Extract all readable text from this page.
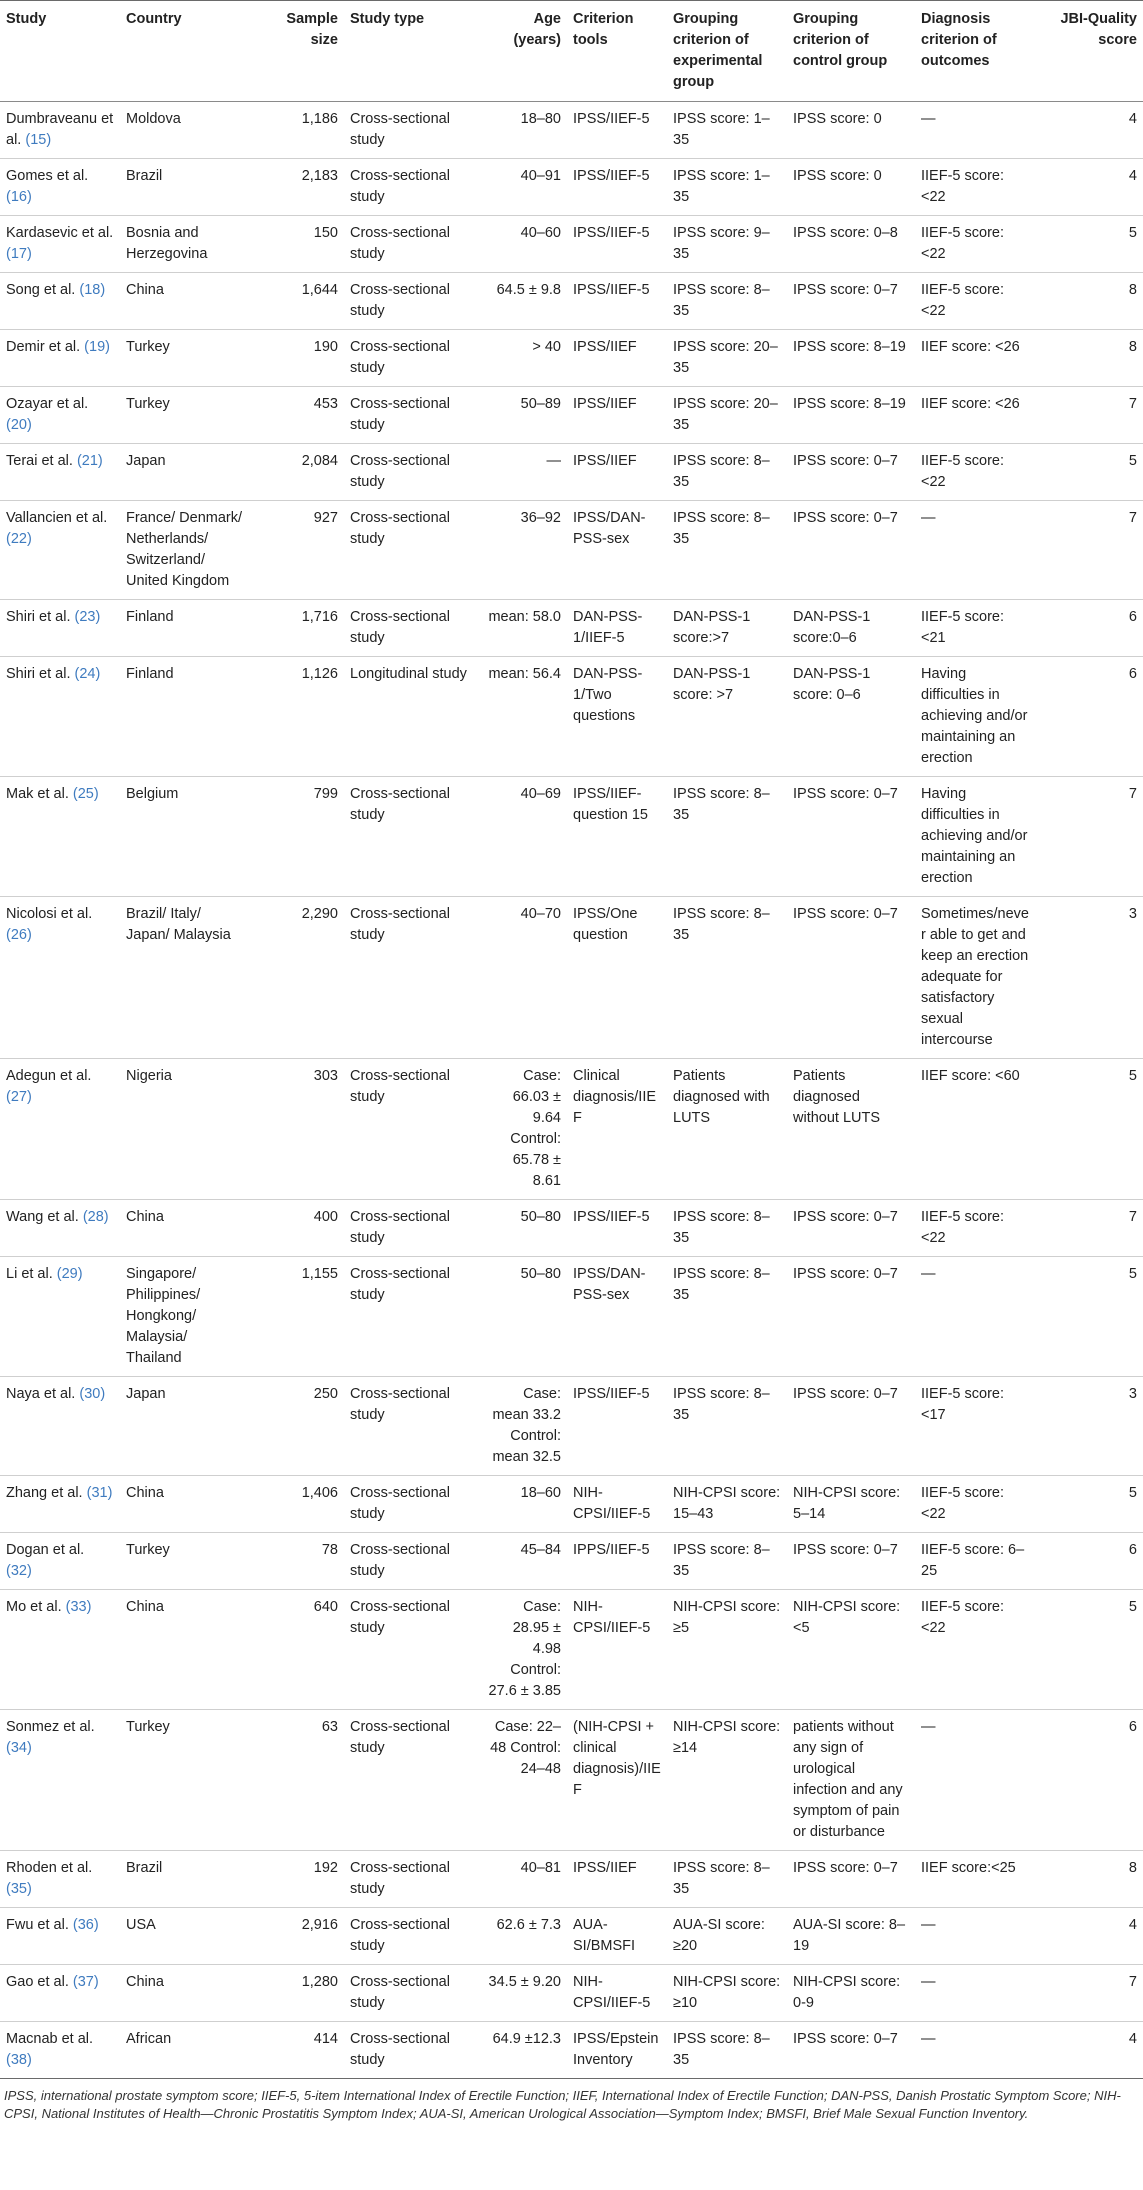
Study	Country	Sample size	Study type	Age (years)	Criterion tools	Grouping criterion of experimental group	Grouping criterion of control group	Diagnosis criterion of outcomes	JBI-Quality score
Dumbraveanu et al. (15)	Moldova	1,186	Cross-sectional study	18–80	IPSS/IIEF-5	IPSS score: 1–35	IPSS score: 0	—	4
Gomes et al. (16)	Brazil	2,183	Cross-sectional study	40–91	IPSS/IIEF-5	IPSS score: 1–35	IPSS score: 0	IIEF-5 score: <22	4
Kardasevic et al. (17)	Bosnia and Herzegovina	150	Cross-sectional study	40–60	IPSS/IIEF-5	IPSS score: 9–35	IPSS score: 0–8	IIEF-5 score: <22	5
Song et al. (18)	China	1,644	Cross-sectional study	64.5 ± 9.8	IPSS/IIEF-5	IPSS score: 8–35	IPSS score: 0–7	IIEF-5 score: <22	8
Demir et al. (19)	Turkey	190	Cross-sectional study	> 40	IPSS/IIEF	IPSS score: 20–35	IPSS score: 8–19	IIEF score: <26	8
Ozayar et al. (20)	Turkey	453	Cross-sectional study	50–89	IPSS/IIEF	IPSS score: 20–35	IPSS score: 8–19	IIEF score: <26	7
Terai et al. (21)	Japan	2,084	Cross-sectional study	—	IPSS/IIEF	IPSS score: 8–35	IPSS score: 0–7	IIEF-5 score: <22	5
Vallancien et al. (22)	France/ Denmark/ Netherlands/ Switzerland/ United Kingdom	927	Cross-sectional study	36–92	IPSS/DAN-PSS-sex	IPSS score: 8–35	IPSS score: 0–7	—	7
Shiri et al. (23)	Finland	1,716	Cross-sectional study	mean: 58.0	DAN-PSS-1/IIEF-5	DAN-PSS-1 score:>7	DAN-PSS-1 score:0–6	IIEF-5 score: <21	6
Shiri et al. (24)	Finland	1,126	Longitudinal study	mean: 56.4	DAN-PSS-1/Two questions	DAN-PSS-1 score: >7	DAN-PSS-1 score: 0–6	Having difficulties in achieving and/or maintaining an erection	6
Mak et al. (25)	Belgium	799	Cross-sectional study	40–69	IPSS/IIEF-question 15	IPSS score: 8–35	IPSS score: 0–7	Having difficulties in achieving and/or maintaining an erection	7
Nicolosi et al. (26)	Brazil/ Italy/ Japan/ Malaysia	2,290	Cross-sectional study	40–70	IPSS/One question	IPSS score: 8–35	IPSS score: 0–7	Sometimes/never able to get and keep an erection adequate for satisfactory sexual intercourse	3
Adegun et al. (27)	Nigeria	303	Cross-sectional study	Case: 66.03 ± 9.64 Control: 65.78 ± 8.61	Clinical diagnosis/IIEF	Patients diagnosed with LUTS	Patients diagnosed without LUTS	IIEF score: <60	5
Wang et al. (28)	China	400	Cross-sectional study	50–80	IPSS/IIEF-5	IPSS score: 8–35	IPSS score: 0–7	IIEF-5 score: <22	7
Li et al. (29)	Singapore/ Philippines/ Hongkong/ Malaysia/ Thailand	1,155	Cross-sectional study	50–80	IPSS/DAN-PSS-sex	IPSS score: 8–35	IPSS score: 0–7	—	5
Naya et al. (30)	Japan	250	Cross-sectional study	Case: mean 33.2 Control: mean 32.5	IPSS/IIEF-5	IPSS score: 8–35	IPSS score: 0–7	IIEF-5 score: <17	3
Zhang et al. (31)	China	1,406	Cross-sectional study	18–60	NIH-CPSI/IIEF-5	NIH-CPSI score: 15–43	NIH-CPSI score: 5–14	IIEF-5 score: <22	5
Dogan et al. (32)	Turkey	78	Cross-sectional study	45–84	IPPS/IIEF-5	IPSS score: 8–35	IPSS score: 0–7	IIEF-5 score: 6–25	6
Mo et al. (33)	China	640	Cross-sectional study	Case: 28.95 ± 4.98 Control: 27.6 ± 3.85	NIH-CPSI/IIEF-5	NIH-CPSI score: ≥5	NIH-CPSI score: <5	IIEF-5 score: <22	5
Sonmez et al. (34)	Turkey	63	Cross-sectional study	Case: 22–48 Control: 24–48	(NIH-CPSI + clinical diagnosis)/IIEF	NIH-CPSI score: ≥14	patients without any sign of urological infection and any symptom of pain or disturbance	—	6
Rhoden et al. (35)	Brazil	192	Cross-sectional study	40–81	IPSS/IIEF	IPSS score: 8–35	IPSS score: 0–7	IIEF score:<25	8
Fwu et al. (36)	USA	2,916	Cross-sectional study	62.6 ± 7.3	AUA-SI/BMSFI	AUA-SI score: ≥20	AUA-SI score: 8–19	—	4
Gao et al. (37)	China	1,280	Cross-sectional study	34.5 ± 9.20	NIH-CPSI/IIEF-5	NIH-CPSI score: ≥10	NIH-CPSI score: 0-9	—	7
Macnab et al. (38)	African	414	Cross-sectional study	64.9 ±12.3	IPSS/Epstein Inventory	IPSS score: 8–35	IPSS score: 0–7	—	4
IPSS, international prostate symptom score; IIEF-5, 5-item International Index of Erectile Function; IIEF, International Index of Erectile Function; DAN-PSS, Danish Prostatic Symptom Score; NIH-CPSI, National Institutes of Health—Chronic Prostatitis Symptom Index; AUA-SI, American Urological Association—Symptom Index; BMSFI, Brief Male Sexual Function Inventory.
